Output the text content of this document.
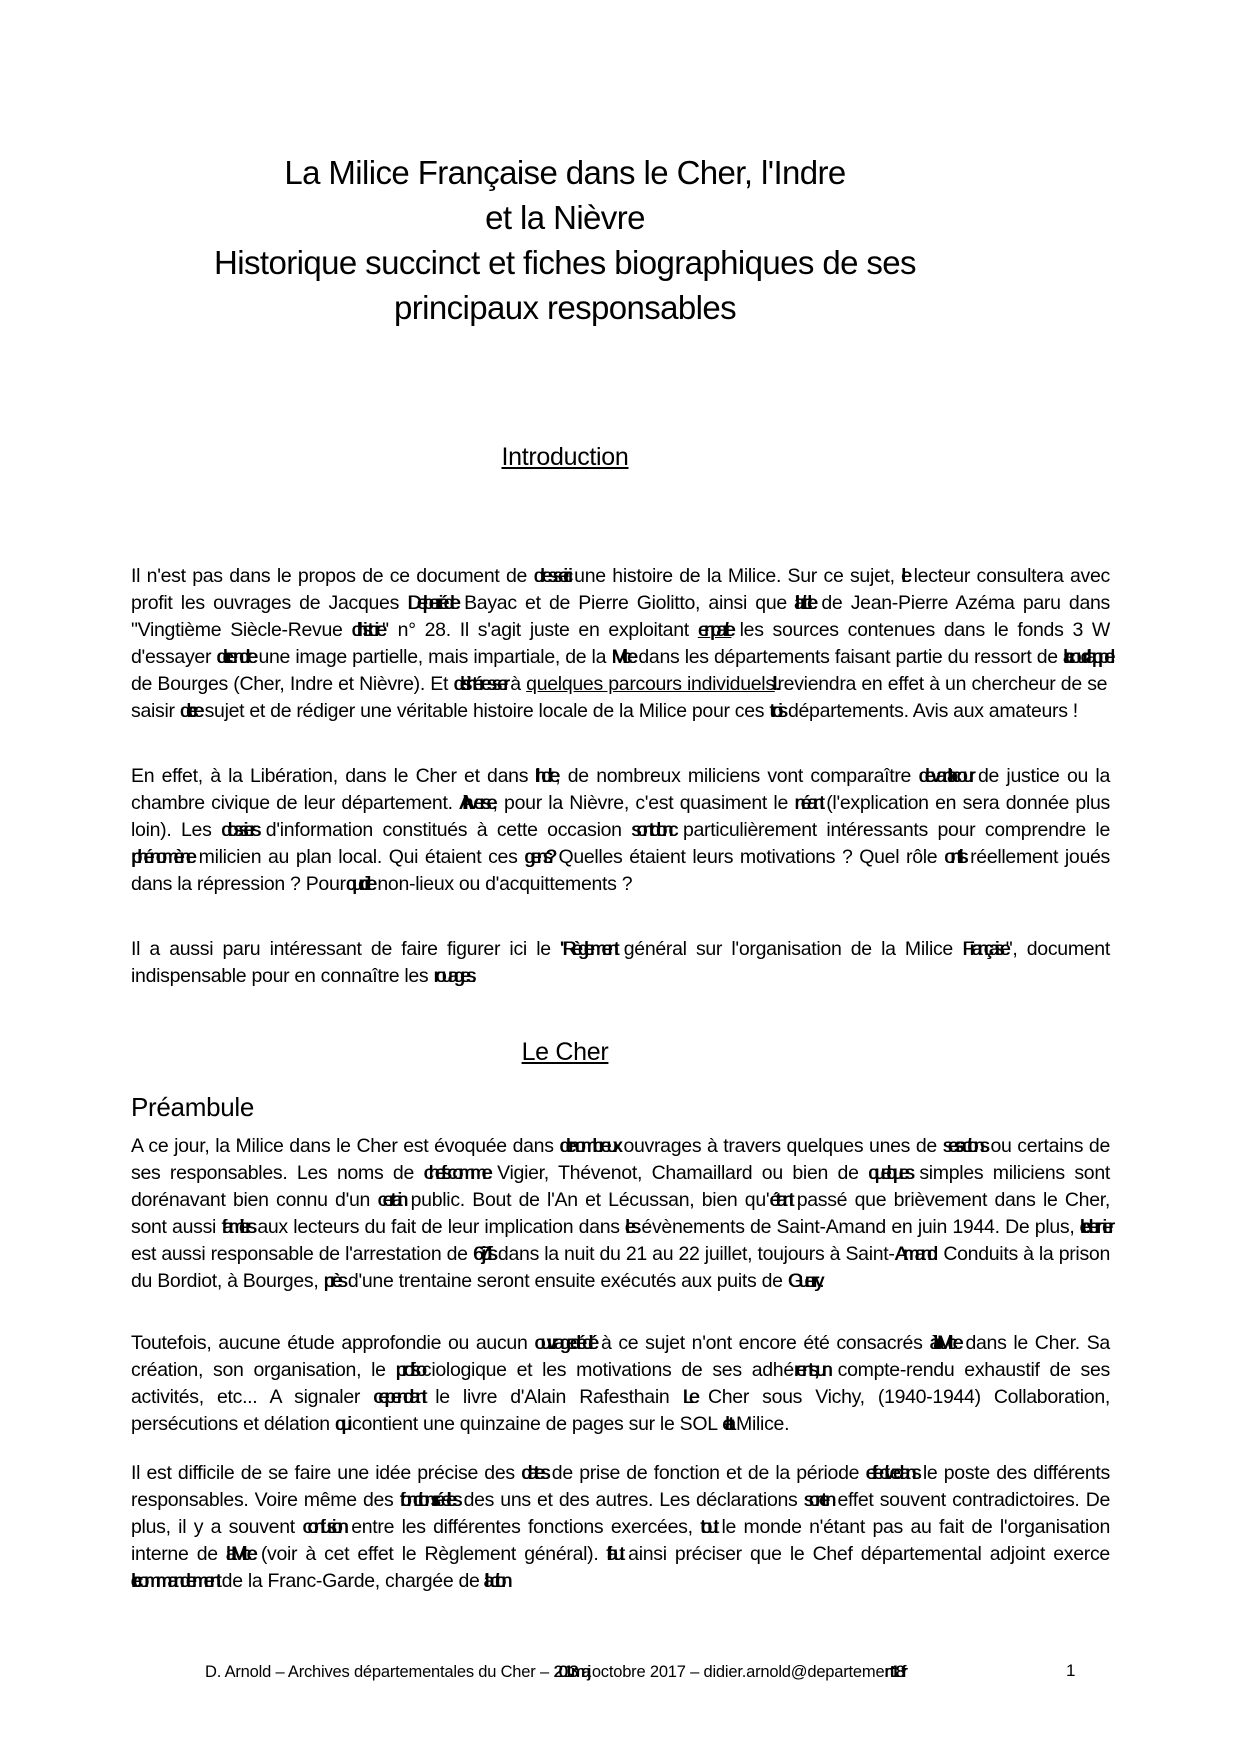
La Milice Française dans le Cher, l'Indre
et la Nièvre
Historique succinct et fiches biographiques de ses
principaux responsables
Introduction

Il n'est pas dans le propos de ce document de dresser ici une histoire de la Milice. Sur ce sujet, le lecteur consultera avec profit les ouvrages de Jacques Delperrié de Bayac et de Pierre Giolitto, ainsi que l'article de Jean-Pierre Azéma paru dans "Vingtième Siècle-Revue d'histoire" n° 28. Il s'agit juste en exploitant en partie les sources contenues dans le fonds 3 W d'essayer de rendre une image partielle, mais impartiale, de la Milice dans les départements faisant partie du ressort de la cour d'appel de Bourges (Cher, Indre et Nièvre). Et de s'intéresser à quelques parcours individuels reviendra en effet à un chercheur de se saisir de ce sujet et de rédiger une véritable histoire locale de la Milice pour ces trois départements. Avis aux amateurs !

En effet, à la Libération, dans le Cher et dans l'Indre, de nombreux miliciens vont comparaître devant la cour de justice ou la chambre civique de leur département. A l'inverse, pour la Nièvre, c'est quasiment le néant (l'explication en sera donnée plus loin). Les dossiers d'information constitués à cette occasion sont donc particulièrement intéressants pour comprendre le phénomène milicien au plan local. Qui étaient ces gens ? Quelles étaient leurs motivations ? Quel rôle ont-ils réellement joués dans la répression ? Pourquoi de non-lieux ou d'acquittements ?

Il a aussi paru intéressant de faire figurer ici le "Règlement général sur l'organisation de la Milice Française", document indispensable pour en connaître les rouages.

Le Cher
Préambule

A ce jour, la Milice dans le Cher est évoquée dans de nombreux ouvrages à travers quelques unes de ses actions ou certains de ses responsables. Les noms de chefs comme Vigier, Thévenot, Chamaillard ou bien de quelques simples miliciens sont dorénavant bien connu d'un certain public. Bout de l'An et Lécussan, bien qu'étant passé que brièvement dans le Cher, sont aussi familiers aux lecteurs du fait de leur implication dans les évènements de Saint-Amand en juin 1944. De plus, le dernier est aussi responsable de l'arrestation de 67 juifs dans la nuit du 21 au 22 juillet, toujours à Saint-Amand. Conduits à la prison du Bordiot, à Bourges, près d'une trentaine seront ensuite exécutés aux puits de Guerry.

Toutefois, aucune étude approfondie ou aucun ouvrage dédié à ce sujet n'ont encore été consacrés à la Milice dans le Cher. Sa création, son organisation, le profil sociologique et les motivations de ses adhérents, un compte-rendu exhaustif de ses activités, etc... A signaler cependant le livre d'Alain Rafesthain Le Cher sous Vichy, (1940-1944) Collaboration, persécutions et délation qui contient une quinzaine de pages sur le SOL et la Milice.

Il est difficile de se faire une idée précise des dates de prise de fonction et de la période effective dans le poste des différents responsables. Voire même des fonctions réelles des uns et des autres. Les déclarations sont en effet souvent contradictoires. De plus, il y a souvent confusion entre les différentes fonctions exercées, tout le monde n'étant pas au fait de l'organisation interne de la Milice (voir à cet effet le Règlement général). Il faut ainsi préciser que le Chef départemental adjoint exerce le commandement de la Franc-Garde, chargée de l'action

D. Arnold – Archives départementales du Cher – 2013 m.a.j. octobre 2017 – didier.arnold@departement18.fr	1
